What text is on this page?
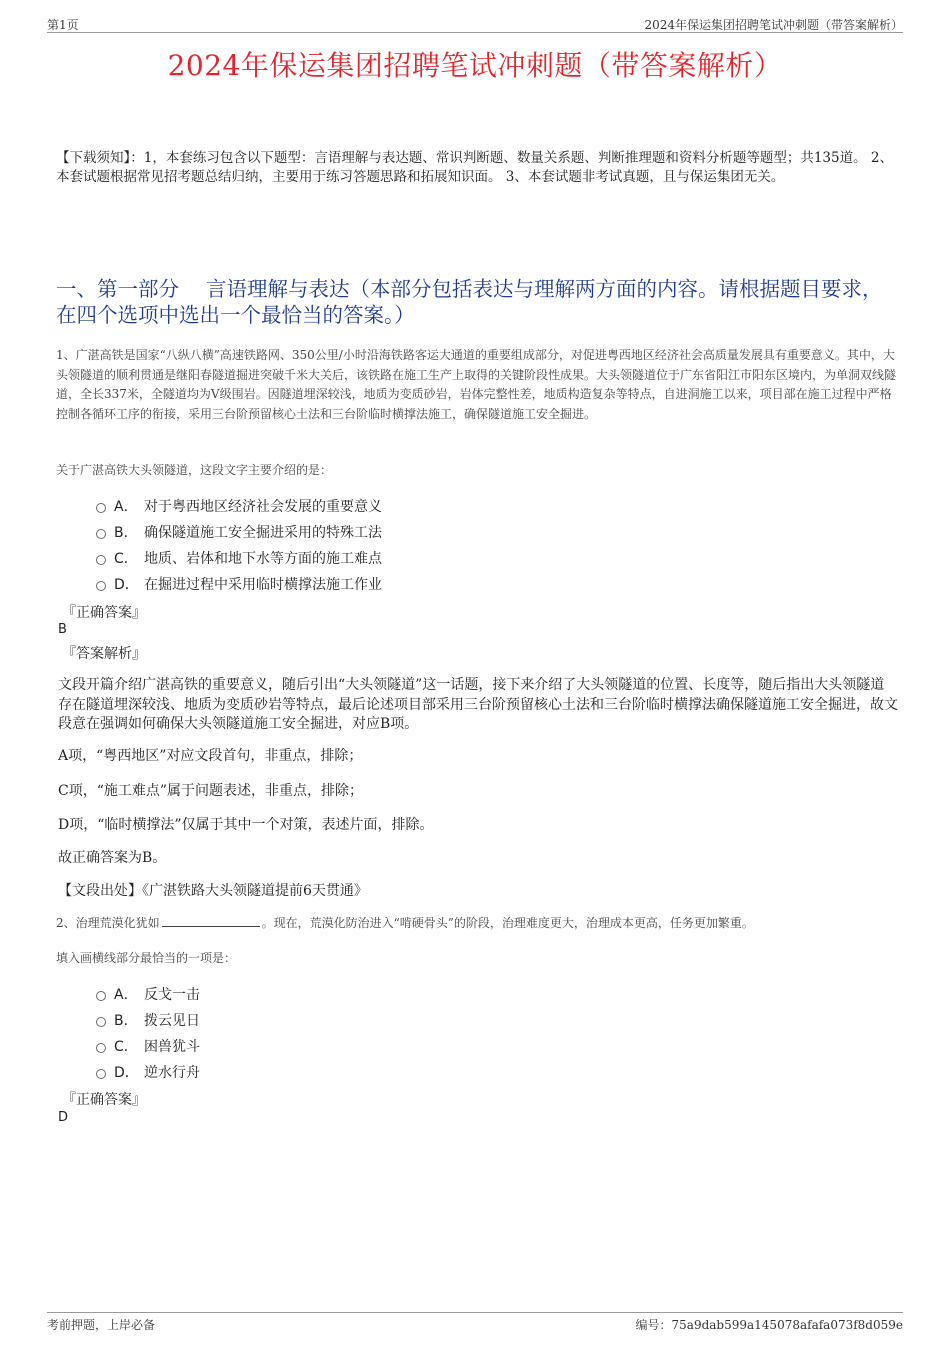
第1页	2024年保运集团招聘笔试冲刺题（带答案解析）
2024年保运集团招聘笔试冲刺题（带答案解析）
【下载须知】：1，本套练习包含以下题型：言语理解与表达题、常识判断题、数量关系题、判断推理题和资料分析题等题型；共135道。 2、本套试题根据常见招考题总结归纳，主要用于练习答题思路和拓展知识面。 3、本套试题非考试真题，且与保运集团无关。
一、第一部分　 言语理解与表达（本部分包括表达与理解两方面的内容。请根据题目要求，在四个选项中选出一个最恰当的答案。）
1、广湛高铁是国家“八纵八横”高速铁路网、350公里/小时沿海铁路客运大通道的重要组成部分，对促进粤西地区经济社会高质量发展具有重要意义。其中，大头领隧道的顺利贯通是继阳春隧道掘进突破千米大关后，该铁路在施工生产上取得的关键阶段性成果。大头领隧道位于广东省阳江市阳东区境内，为单洞双线隧道，全长337米，全隧道均为V级围岩。因隧道埋深较浅，地质为变质砂岩，岩体完整性差，地质构造复杂等特点，自进洞施工以来，项目部在施工过程中严格控制各循环工序的衔接，采用三台阶预留核心土法和三台阶临时横撑法施工，确保隧道施工安全掘进。
关于广湛高铁大头领隧道，这段文字主要介绍的是：
A． 对于粤西地区经济社会发展的重要意义
B． 确保隧道施工安全掘进采用的特殊工法
C． 地质、岩体和地下水等方面的施工难点
D． 在掘进过程中采用临时横撑法施工作业
『正确答案』
B
『答案解析』
文段开篇介绍广湛高铁的重要意义，随后引出“大头领隧道”这一话题，接下来介绍了大头领隧道的位置、长度等，随后指出大头领隧道存在隧道埋深较浅、地质为变质砂岩等特点，最后论述项目部采用三台阶预留核心土法和三台阶临时横撑法确保隧道施工安全掘进，故文段意在强调如何确保大头领隧道施工安全掘进，对应B项。
A项，“粤西地区”对应文段首句，非重点，排除；
C项，“施工难点”属于问题表述，非重点，排除；
D项，“临时横撑法”仅属于其中一个对策，表述片面，排除。
故正确答案为B。
【文段出处】《广湛铁路大头领隧道提前6天贯通》
2、治理荒漠化犹如	。现在，荒漠化防治进入“啃硬骨头”的阶段，治理难度更大，治理成本更高，任务更加繁重。
填入画横线部分最恰当的一项是：
A． 反戈一击
B． 拨云见日
C． 困兽犹斗
D． 逆水行舟
『正确答案』
D
考前押题，上岸必备	编号：75a9dab599a145078afafa073f8d059e
